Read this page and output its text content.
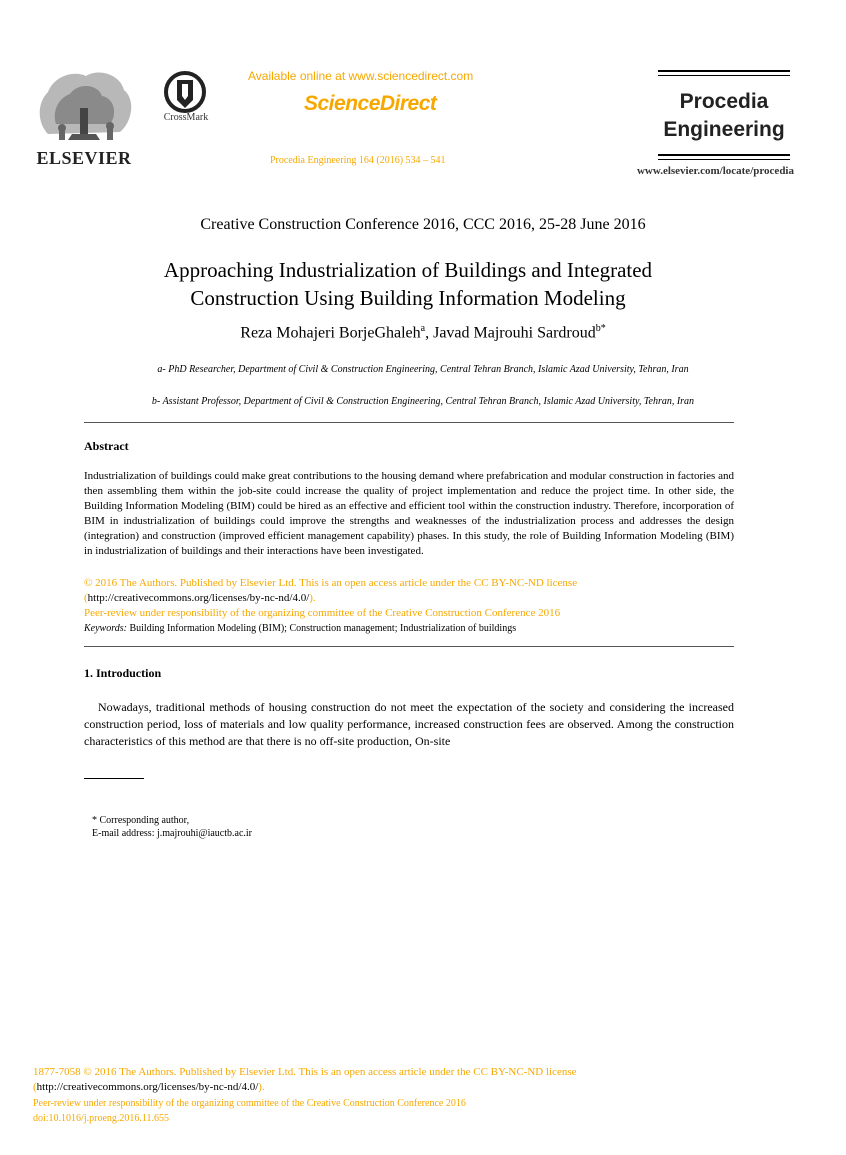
ELSEVIER
CrossMark
Available online at www.sciencedirect.com
ScienceDirect
Procedia Engineering 164 (2016) 534 – 541
Procedia
Engineering
www.elsevier.com/locate/procedia
Creative Construction Conference 2016, CCC 2016, 25-28 June 2016
Approaching Industrialization of Buildings and Integrated
Construction Using Building Information Modeling
Reza Mohajeri BorjeGhaleh$^a$, Javad Majrouhi Sardroud$^{b*}$
a- PhD Researcher, Department of Civil & Construction Engineering, Central Tehran Branch, Islamic Azad University, Tehran, Iran
b- Assistant Professor, Department of Civil & Construction Engineering, Central Tehran Branch, Islamic Azad University, Tehran, Iran
Abstract
Industrialization of buildings could make great contributions to the housing demand where prefabrication and modular construction in factories and then assembling them within the job-site could increase the quality of project implementation and reduce the project time. In other side, the Building Information Modeling (BIM) could be hired as an effective and efficient tool within the construction industry. Therefore, incorporation of BIM in industrialization of buildings could improve the strengths and weaknesses of the industrialization process and addresses the design (integration) and construction (improved efficient management capability) phases. In this study, the role of Building Information Modeling (BIM) in industrialization of buildings and their interactions have been investigated.
© 2016 The Authors. Published by Elsevier Ltd. This is an open access article under the CC BY-NC-ND license
(http://creativecommons.org/licenses/by-nc-nd/4.0/).
Peer-review under responsibility of the organizing committee of the Creative Construction Conference 2016
Keywords: Building Information Modeling (BIM); Construction management; Industrialization of buildings
1. Introduction
Nowadays, traditional methods of housing construction do not meet the expectation of the society and considering the increased construction period, loss of materials and low quality performance, increased construction fees are observed. Among the construction characteristics of this method are that there is no off-site production, On-site
* Corresponding author,
E-mail address: j.majrouhi@iauctb.ac.ir
1877-7058 © 2016 The Authors. Published by Elsevier Ltd. This is an open access article under the CC BY-NC-ND license
(http://creativecommons.org/licenses/by-nc-nd/4.0/).
Peer-review under responsibility of the organizing committee of the Creative Construction Conference 2016
doi:10.1016/j.proeng.2016.11.655
